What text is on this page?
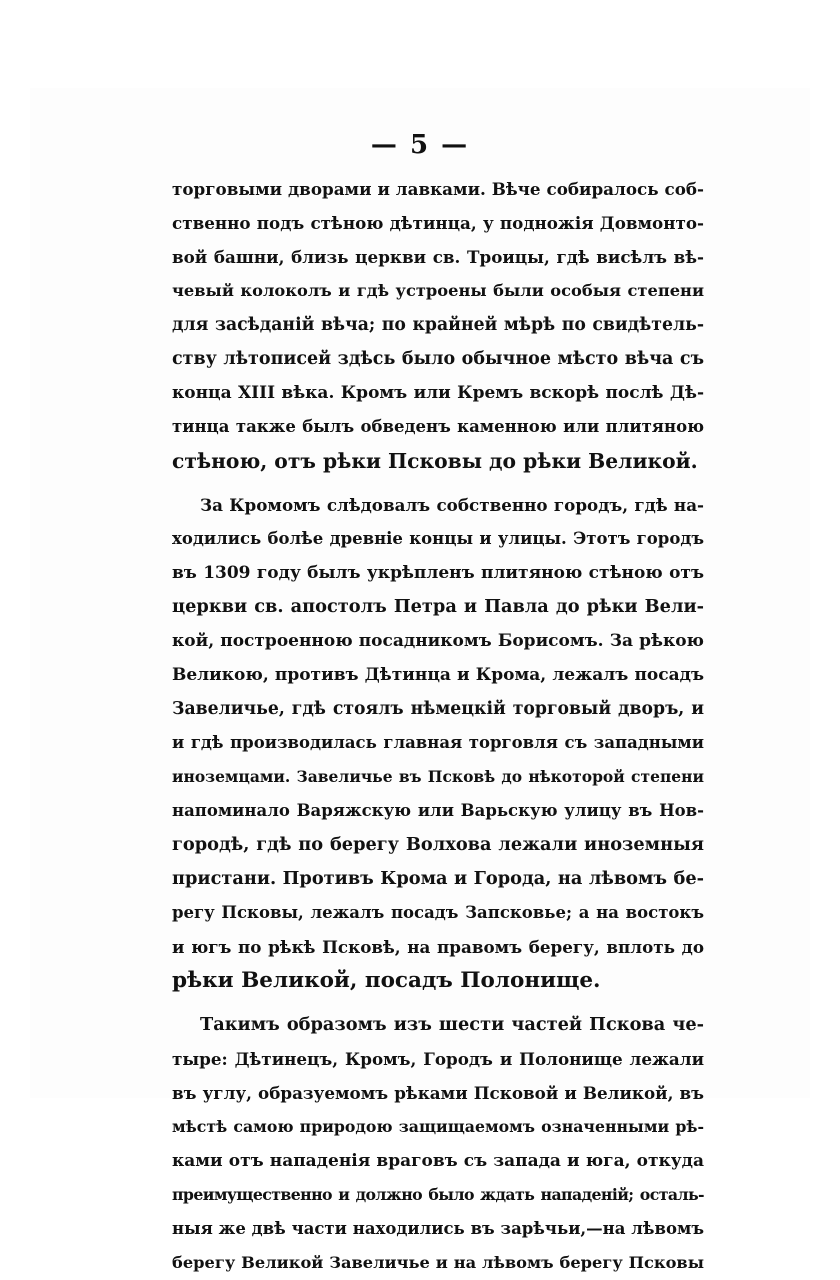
— 5 —
торговыми дворами и лавками. Вѣче собиралось соб-
ственно подъ стѣною дѣтинца, у подножія Довмонто-
вой башни, близь церкви св. Троицы, гдѣ висѣлъ вѣ-
чевый колоколъ и гдѣ устроены были особыя степени
для засѣданій вѣча; по крайней мѣрѣ по свидѣтель-
ству лѣтописей здѣсь было обычное мѣсто вѣча съ
конца XIII вѣка. Кромъ или Кремъ вскорѣ послѣ Дѣ-
тинца также былъ обведенъ каменною или плитяною
стѣною, отъ рѣки Псковы до рѣки Великой.
За Кромомъ слѣдовалъ собственно городъ, гдѣ на-
ходились болѣе древніе концы и улицы. Этотъ городъ
въ 1309 году былъ укрѣпленъ плитяною стѣною отъ
церкви св. апостолъ Петра и Павла до рѣки Вели-
кой, построенною посадникомъ Борисомъ. За рѣкою
Великою, противъ Дѣтинца и Крома, лежалъ посадъ
Завеличье, гдѣ стоялъ нѣмецкій торговый дворъ, и
и гдѣ производилась главная торговля съ западными
иноземцами. Завеличье въ Псковѣ до нѣкоторой степени
напоминало Варяжскую или Варьскую улицу въ Нов-
городѣ, гдѣ по берегу Волхова лежали иноземныя
пристани. Противъ Крома и Города, на лѣвомъ бе-
регу Псковы, лежалъ посадъ Запсковье; а на востокъ
и югъ по рѣкѣ Псковѣ, на правомъ берегу, вплоть до
рѣки Великой, посадъ Полонище.
Такимъ образомъ изъ шести частей Пскова че-
тыре: Дѣтинецъ, Кромъ, Городъ и Полонище лежали
въ углу, образуемомъ рѣками Псковой и Великой, въ
мѣстѣ самою природою защищаемомъ означенными рѣ-
ками отъ нападенія враговъ съ запада и юга, откуда
преимущественно и должно было ждать нападеній; осталь-
ныя же двѣ части находились въ зарѣчьи,—на лѣвомъ
берегу Великой Завеличье и на лѣвомъ берегу Псковы
